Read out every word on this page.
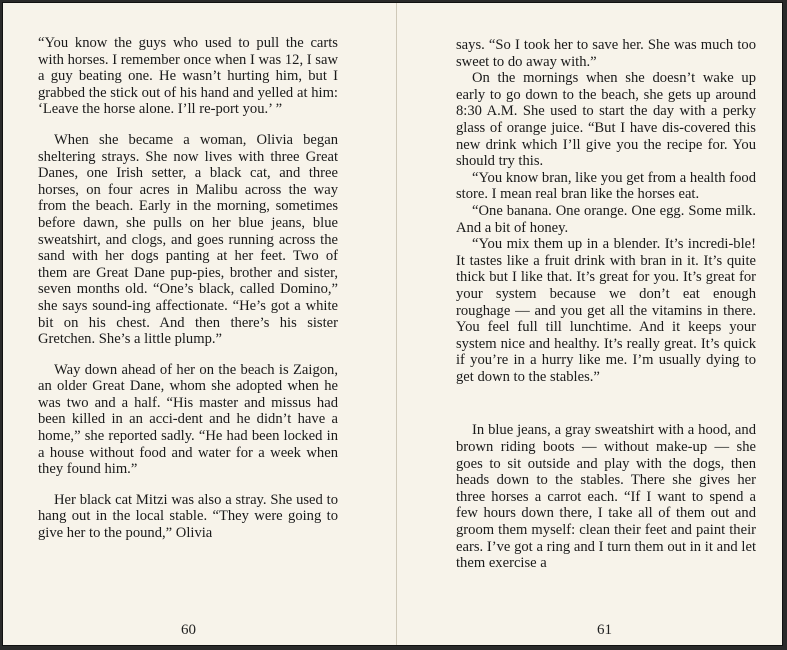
“You know the guys who used to pull the carts with horses. I remember once when I was 12, I saw a guy beating one. He wasn’t hurting him, but I grabbed the stick out of his hand and yelled at him: ‘Leave the horse alone. I’ll re-port you.’ ”

When she became a woman, Olivia began sheltering strays. She now lives with three Great Danes, one Irish setter, a black cat, and three horses, on four acres in Malibu across the way from the beach. Early in the morning, sometimes before dawn, she pulls on her blue jeans, blue sweatshirt, and clogs, and goes running across the sand with her dogs panting at her feet. Two of them are Great Dane pup-pies, brother and sister, seven months old. “One’s black, called Domino,” she says sound-ing affectionate. “He’s got a white bit on his chest. And then there’s his sister Gretchen. She’s a little plump.”

Way down ahead of her on the beach is Zaigon, an older Great Dane, whom she adopted when he was two and a half. “His master and missus had been killed in an acci-dent and he didn’t have a home,” she reported sadly. “He had been locked in a house without food and water for a week when they found him.”

Her black cat Mitzi was also a stray. She used to hang out in the local stable. “They were going to give her to the pound,” Olivia

says. “So I took her to save her. She was much too sweet to do away with.”

On the mornings when she doesn’t wake up early to go down to the beach, she gets up around 8:30 A.M. She used to start the day with a perky glass of orange juice. “But I have dis-covered this new drink which I’ll give you the recipe for. You should try this.

“You know bran, like you get from a health food store. I mean real bran like the horses eat.

“One banana. One orange. One egg. Some milk. And a bit of honey.

“You mix them up in a blender. It’s incredi-ble! It tastes like a fruit drink with bran in it. It’s quite thick but I like that. It’s great for you. It’s great for your system because we don’t eat enough roughage — and you get all the vitamins in there. You feel full till lunchtime. And it keeps your system nice and healthy. It’s really great. It’s quick if you’re in a hurry like me. I’m usually dying to get down to the stables.”

In blue jeans, a gray sweatshirt with a hood, and brown riding boots — without make-up — she goes to sit outside and play with the dogs, then heads down to the stables. There she gives her three horses a carrot each. “If I want to spend a few hours down there, I take all of them out and groom them myself: clean their feet and paint their ears. I’ve got a ring and I turn them out in it and let them exercise a

60	61
